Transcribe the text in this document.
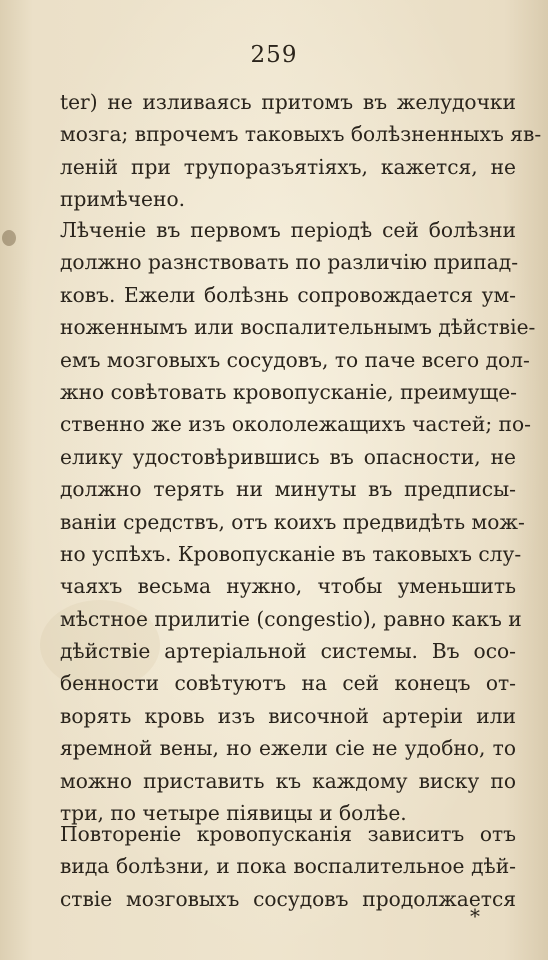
259
ter) не изливаясь притомъ въ желудочки
мозга; впрочемъ таковыхъ болѣзненныхъ яв-
леній при трупоразъятіяхъ, кажется, не
примѣчено.
Лѣченіе въ первомъ періодѣ сей болѣзни
должно разнствовать по различію припад-
ковъ. Ежели болѣзнь сопровождается ум-
ноженнымъ или воспалительнымъ дѣйствіе-
емъ мозговыхъ сосудовъ, то паче всего дол-
жно совѣтовать кровопусканіе, преимуще-
ственно же изъ окололежащихъ частей; по-
елику удостовѣрившись въ опасности, не
должно терять ни минуты въ предписы-
ваніи средствъ, отъ коихъ предвидѣть мож-
но успѣхъ. Кровопусканіе въ таковыхъ слу-
чаяхъ весьма нужно, чтобы уменьшить
мѣстное прилитіе (congestio), равно какъ и
дѣйствіе артеріальной системы. Въ осо-
бенности совѣтуютъ на сей конецъ от-
ворять кровь изъ височной артеріи или
яремной вены, но ежели сіе не удобно, то
можно приставить къ каждому виску по
три, по четыре піявицы и болѣе.
Повтореніе кровопусканія зависитъ отъ
вида болѣзни, и пока воспалительное дѣй-
ствіе мозговыхъ сосудовъ продолжается
*
